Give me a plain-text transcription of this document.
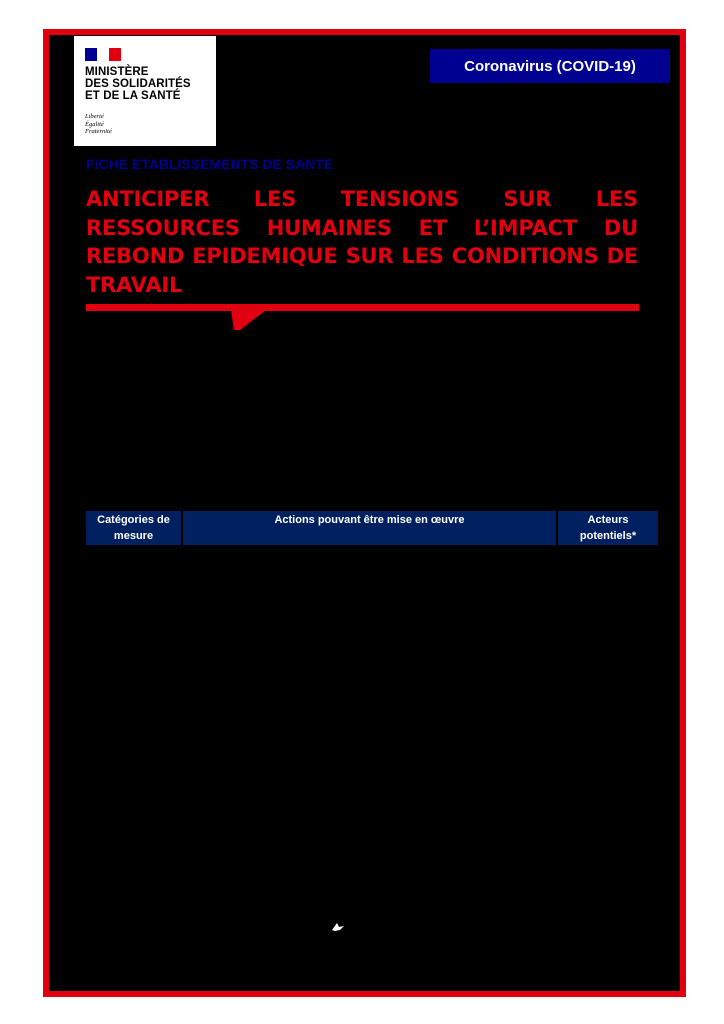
MINISTÈRE
DES SOLIDARITÉS
ET DE LA SANTÉ
Liberté
Égalité
Fraternité
Coronavirus (COVID-19)
FICHE ETABLISSEMENTS DE SANTE
ANTICIPER LES TENSIONS SUR LES RESSOURCES HUMAINES ET L’IMPACT DU REBOND EPIDEMIQUE SUR LES CONDITIONS DE TRAVAIL
Catégories de mesure
Actions pouvant être mise en œuvre	Acteurs potentiels*
